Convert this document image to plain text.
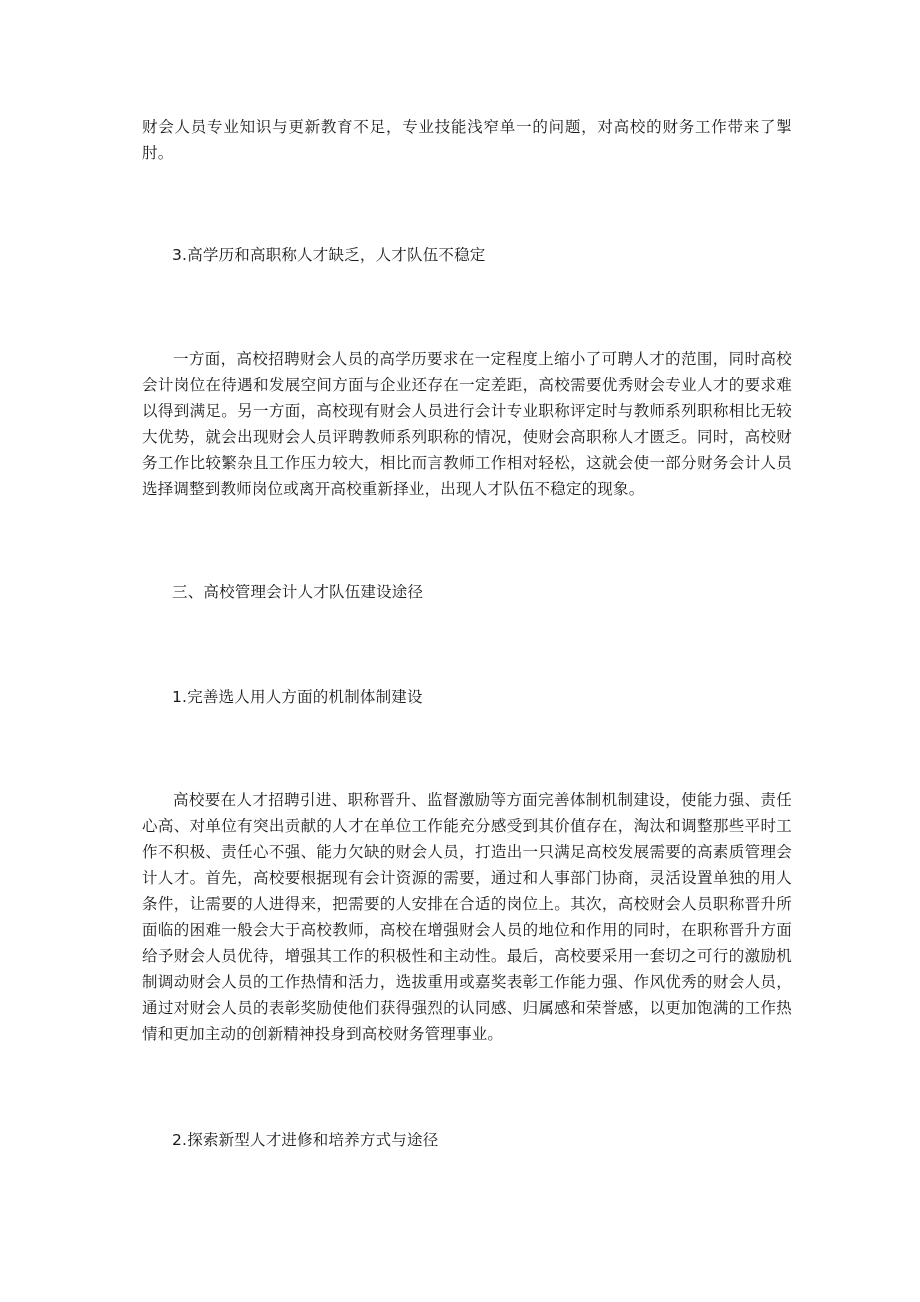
财会人员专业知识与更新教育不足，专业技能浅窄单一的问题，对高校的财务工作带来了掣肘。
3.高学历和高职称人才缺乏，人才队伍不稳定
一方面，高校招聘财会人员的高学历要求在一定程度上缩小了可聘人才的范围，同时高校会计岗位在待遇和发展空间方面与企业还存在一定差距，高校需要优秀财会专业人才的要求难以得到满足。另一方面，高校现有财会人员进行会计专业职称评定时与教师系列职称相比无较大优势，就会出现财会人员评聘教师系列职称的情况，使财会高职称人才匮乏。同时，高校财务工作比较繁杂且工作压力较大，相比而言教师工作相对轻松，这就会使一部分财务会计人员选择调整到教师岗位或离开高校重新择业，出现人才队伍不稳定的现象。
三、高校管理会计人才队伍建设途径
1.完善选人用人方面的机制体制建设
高校要在人才招聘引进、职称晋升、监督激励等方面完善体制机制建设，使能力强、责任心高、对单位有突出贡献的人才在单位工作能充分感受到其价值存在，淘汰和调整那些平时工作不积极、责任心不强、能力欠缺的财会人员，打造出一只满足高校发展需要的高素质管理会计人才。首先，高校要根据现有会计资源的需要，通过和人事部门协商，灵活设置单独的用人条件，让需要的人进得来，把需要的人安排在合适的岗位上。其次，高校财会人员职称晋升所面临的困难一般会大于高校教师，高校在增强财会人员的地位和作用的同时，在职称晋升方面给予财会人员优待，增强其工作的积极性和主动性。最后，高校要采用一套切之可行的激励机制调动财会人员的工作热情和活力，选拔重用或嘉奖表彰工作能力强、作风优秀的财会人员，通过对财会人员的表彰奖励使他们获得强烈的认同感、归属感和荣誉感，以更加饱满的工作热情和更加主动的创新精神投身到高校财务管理事业。
2.探索新型人才进修和培养方式与途径
